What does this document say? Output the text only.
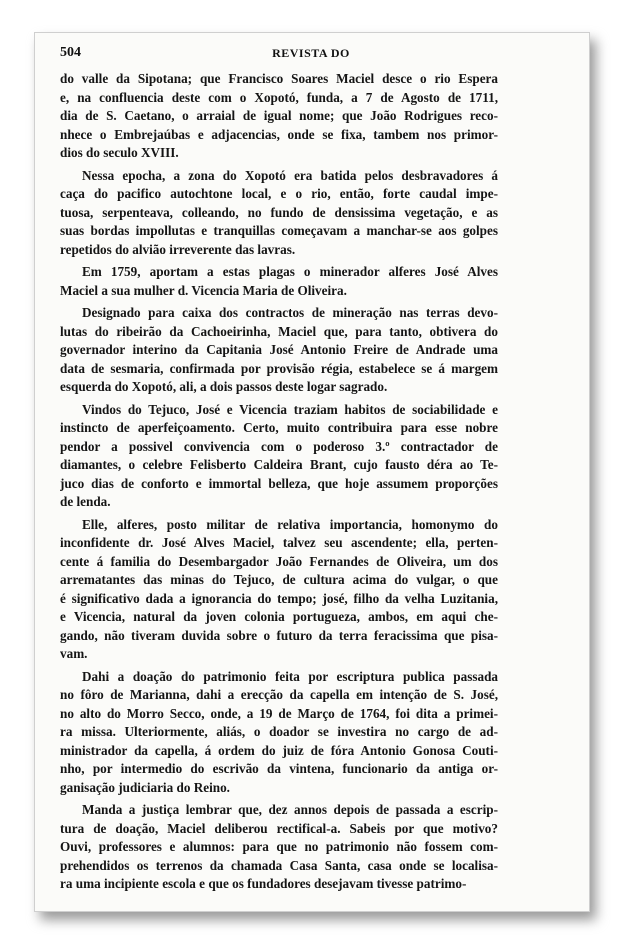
504	REVISTA DO
do valle da Sipotana; que Francisco Soares Maciel desce o rio Espera
e, na confluencia deste com o Xopotó, funda, a 7 de Agosto de 1711,
dia de S. Caetano, o arraial de igual nome; que João Rodrigues reco-
nhece o Embrejaúbas e adjacencias, onde se fixa, tambem nos primor-
dios do seculo XVIII.
Nessa epocha, a zona do Xopotó era batida pelos desbravadores á
caça do pacifico autochtone local, e o rio, então, forte caudal impe-
tuosa, serpenteava, colleando, no fundo de densissima vegetação, e as
suas bordas impollutas e tranquillas começavam a manchar-se aos golpes
repetidos do alvião irreverente das lavras.
Em 1759, aportam a estas plagas o minerador alferes José Alves
Maciel a sua mulher d. Vicencia Maria de Oliveira.
Designado para caixa dos contractos de mineração nas terras devo-
lutas do ribeirão da Cachoeirinha, Maciel que, para tanto, obtivera do
governador interino da Capitania José Antonio Freire de Andrade uma
data de sesmaria, confirmada por provisão régia, estabelece se á margem
esquerda do Xopotó, ali, a dois passos deste logar sagrado.
Vindos do Tejuco, José e Vicencia traziam habitos de sociabilidade e
instincto de aperfeiçoamento. Certo, muito contribuira para esse nobre
pendor a possivel convivencia com o poderoso 3.º contractador de
diamantes, o celebre Felisberto Caldeira Brant, cujo fausto déra ao Te-
juco dias de conforto e immortal belleza, que hoje assumem proporções
de lenda.
Elle, alferes, posto militar de relativa importancia, homonymo do
inconfidente dr. José Alves Maciel, talvez seu ascendente; ella, perten-
cente á familia do Desembargador João Fernandes de Oliveira, um dos
arrematantes das minas do Tejuco, de cultura acima do vulgar, o que
é significativo dada a ignorancia do tempo; josé, filho da velha Luzitania,
e Vicencia, natural da joven colonia portugueza, ambos, em aqui che-
gando, não tiveram duvida sobre o futuro da terra feracissima que pisa-
vam.
Dahi a doação do patrimonio feita por escriptura publica passada
no fôro de Marianna, dahi a erecção da capella em intenção de S. José,
no alto do Morro Secco, onde, a 19 de Março de 1764, foi dita a primei-
ra missa. Ulteriormente, aliás, o doador se investira no cargo de ad-
ministrador da capella, á ordem do juiz de fóra Antonio Gonosa Couti-
nho, por intermedio do escrivão da vintena, funcionario da antiga or-
ganisação judiciaria do Reino.
Manda a justiça lembrar que, dez annos depois de passada a escrip-
tura de doação, Maciel deliberou rectifical-a. Sabeis por que motivo?
Ouvi, professores e alumnos: para que no patrimonio não fossem com-
prehendidos os terrenos da chamada Casa Santa, casa onde se localisa-
ra uma incipiente escola e que os fundadores desejavam tivesse patrimo-
